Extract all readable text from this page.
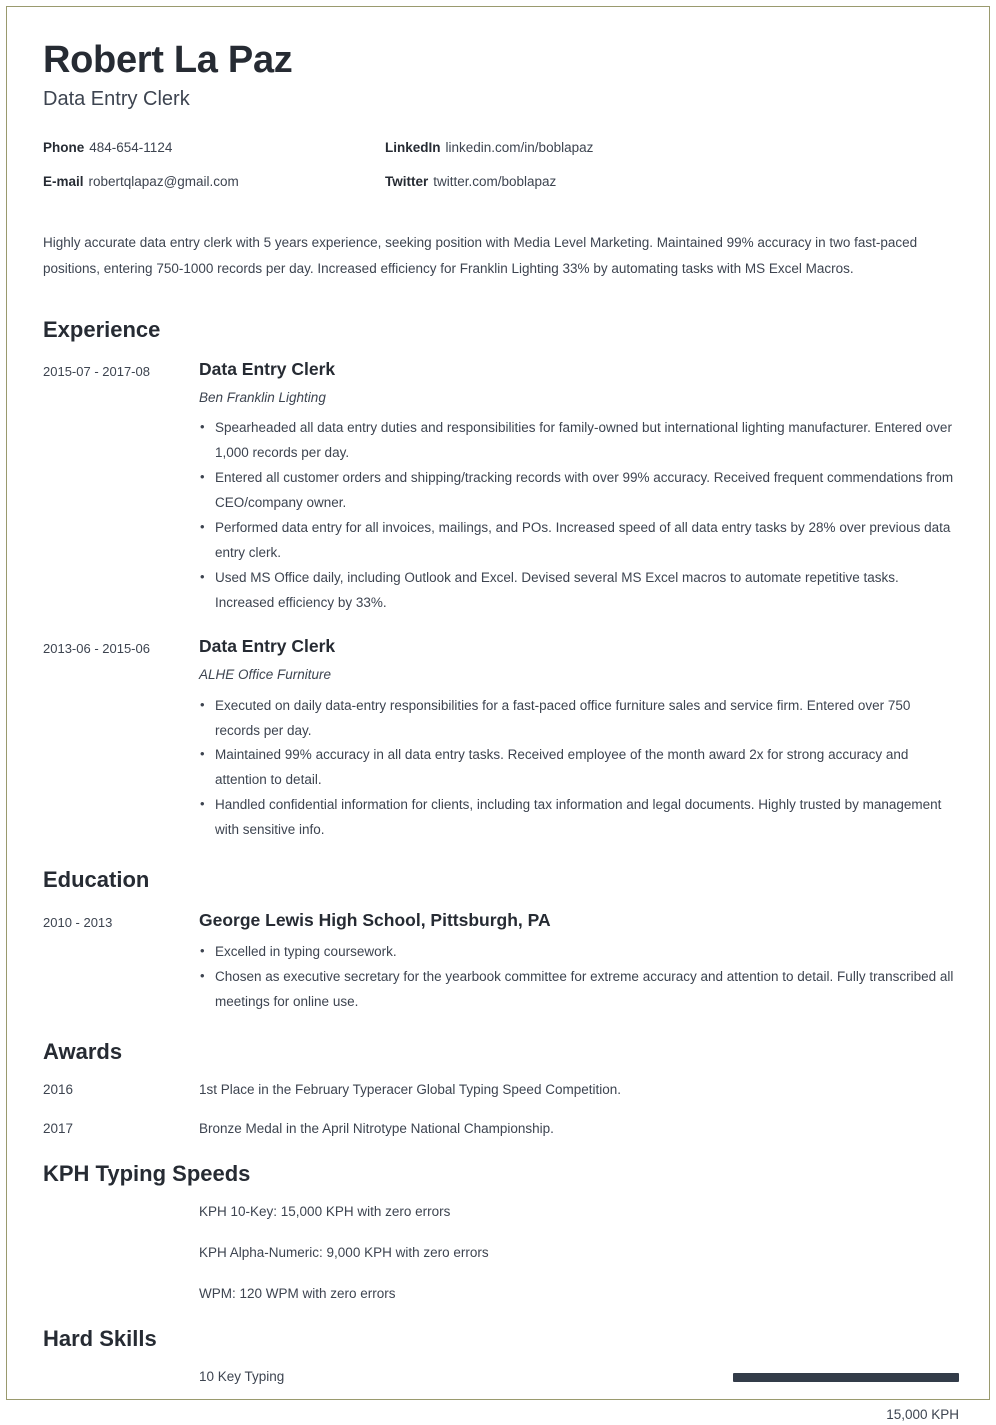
Robert La Paz
Data Entry Clerk
Phone 484-654-1124	LinkedIn linkedin.com/in/boblapaz
E-mail robertqlapaz@gmail.com	Twitter twitter.com/boblapaz

Highly accurate data entry clerk with 5 years experience, seeking position with Media Level Marketing. Maintained 99% accuracy in two fast-paced positions, entering 750-1000 records per day. Increased efficiency for Franklin Lighting 33% by automating tasks with MS Excel Macros.

Experience
2015-07 - 2017-08	Data Entry Clerk
Ben Franklin Lighting
• Spearheaded all data entry duties and responsibilities for family-owned but international lighting manufacturer. Entered over 1,000 records per day.
• Entered all customer orders and shipping/tracking records with over 99% accuracy. Received frequent commendations from CEO/company owner.
• Performed data entry for all invoices, mailings, and POs. Increased speed of all data entry tasks by 28% over previous data entry clerk.
• Used MS Office daily, including Outlook and Excel. Devised several MS Excel macros to automate repetitive tasks. Increased efficiency by 33%.
2013-06 - 2015-06	Data Entry Clerk
ALHE Office Furniture
• Executed on daily data-entry responsibilities for a fast-paced office furniture sales and service firm. Entered over 750 records per day.
• Maintained 99% accuracy in all data entry tasks. Received employee of the month award 2x for strong accuracy and attention to detail.
• Handled confidential information for clients, including tax information and legal documents. Highly trusted by management with sensitive info.
Education
2010 - 2013	George Lewis High School, Pittsburgh, PA
• Excelled in typing coursework.
• Chosen as executive secretary for the yearbook committee for extreme accuracy and attention to detail. Fully transcribed all meetings for online use.
Awards
2016	1st Place in the February Typeracer Global Typing Speed Competition.
2017	Bronze Medal in the April Nitrotype National Championship.
KPH Typing Speeds
KPH 10-Key: 15,000 KPH with zero errors
KPH Alpha-Numeric: 9,000 KPH with zero errors
WPM: 120 WPM with zero errors
Hard Skills
10 Key Typing
15,000 KPH
